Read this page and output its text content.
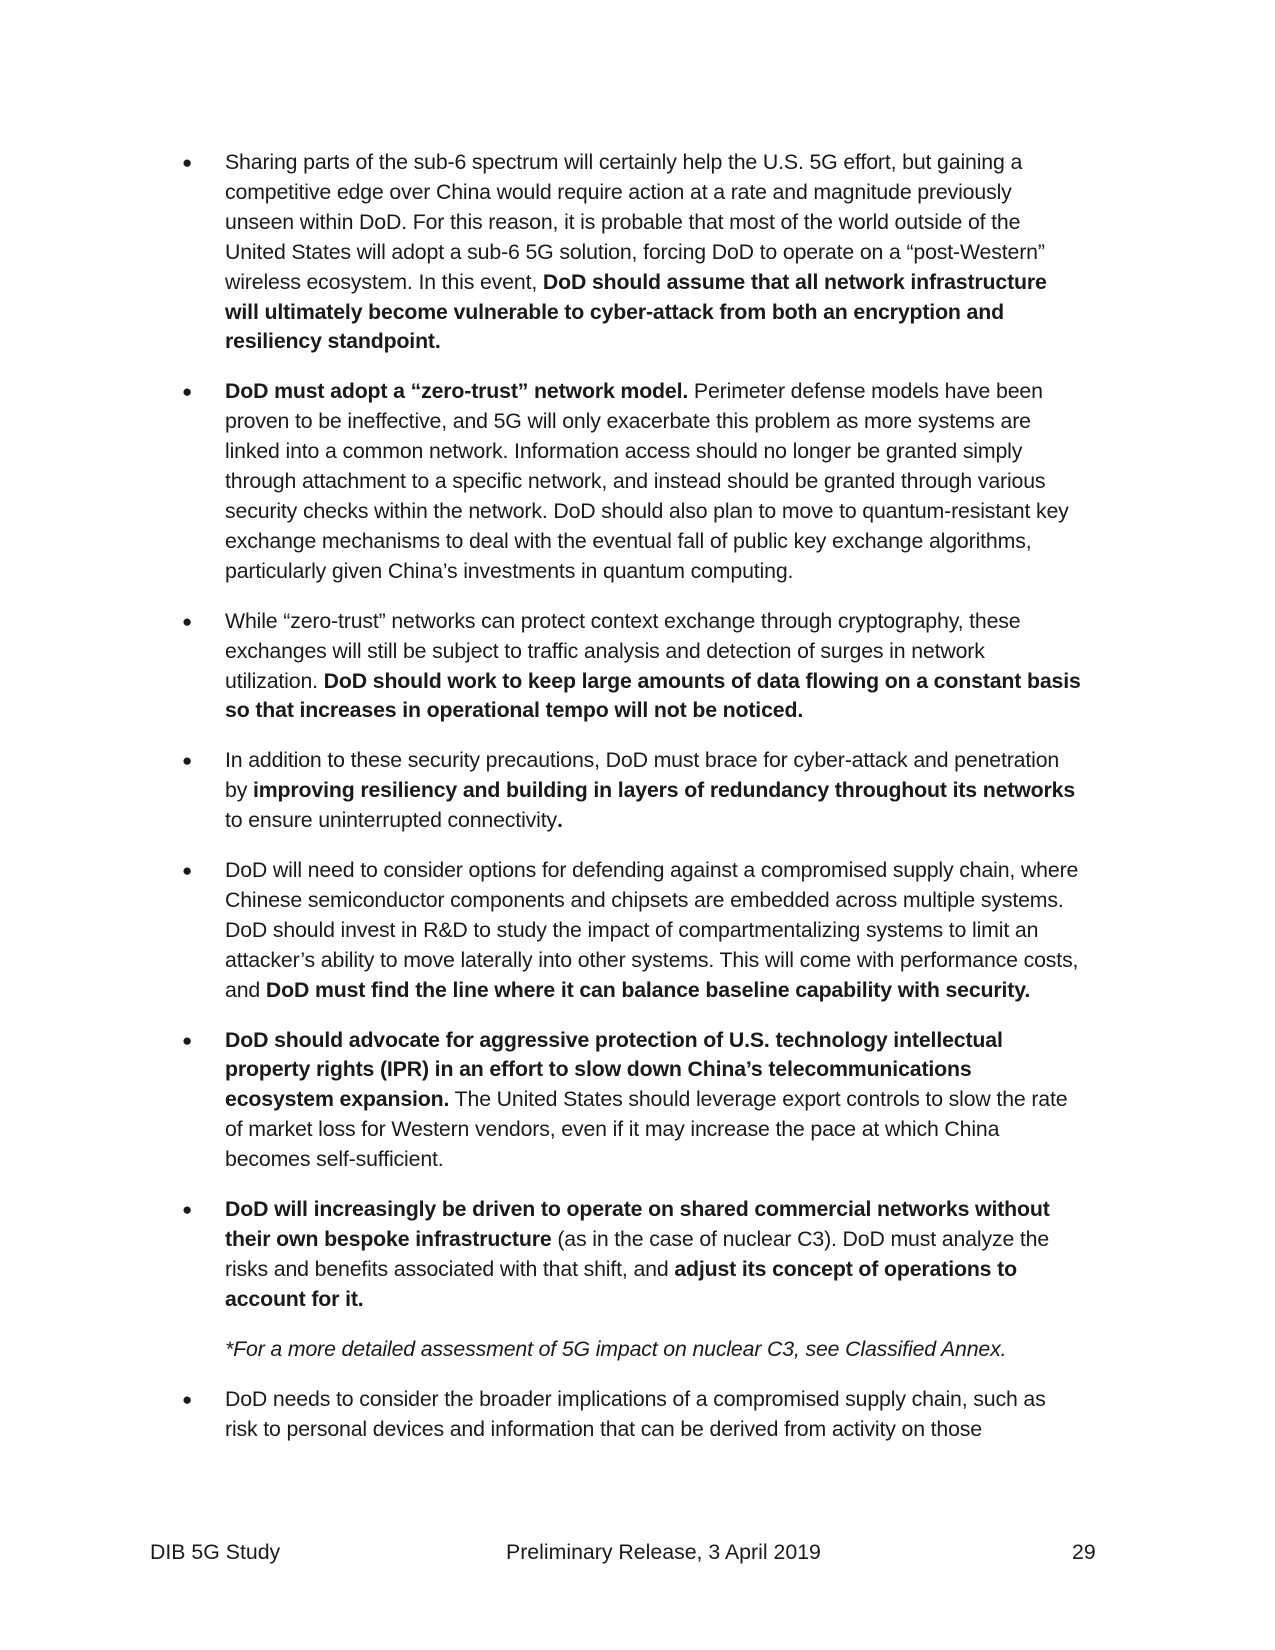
● Sharing parts of the sub-6 spectrum will certainly help the U.S. 5G effort, but gaining a competitive edge over China would require action at a rate and magnitude previously unseen within DoD. For this reason, it is probable that most of the world outside of the United States will adopt a sub-6 5G solution, forcing DoD to operate on a “post-Western” wireless ecosystem. In this event, DoD should assume that all network infrastructure will ultimately become vulnerable to cyber-attack from both an encryption and resiliency standpoint.
● DoD must adopt a “zero-trust” network model. Perimeter defense models have been proven to be ineffective, and 5G will only exacerbate this problem as more systems are linked into a common network. Information access should no longer be granted simply through attachment to a specific network, and instead should be granted through various security checks within the network. DoD should also plan to move to quantum-resistant key exchange mechanisms to deal with the eventual fall of public key exchange algorithms, particularly given China’s investments in quantum computing.
● While “zero-trust” networks can protect context exchange through cryptography, these exchanges will still be subject to traffic analysis and detection of surges in network utilization. DoD should work to keep large amounts of data flowing on a constant basis so that increases in operational tempo will not be noticed.
● In addition to these security precautions, DoD must brace for cyber-attack and penetration by improving resiliency and building in layers of redundancy throughout its networks to ensure uninterrupted connectivity.
● DoD will need to consider options for defending against a compromised supply chain, where Chinese semiconductor components and chipsets are embedded across multiple systems. DoD should invest in R&D to study the impact of compartmentalizing systems to limit an attacker’s ability to move laterally into other systems. This will come with performance costs, and DoD must find the line where it can balance baseline capability with security.
● DoD should advocate for aggressive protection of U.S. technology intellectual property rights (IPR) in an effort to slow down China’s telecommunications ecosystem expansion. The United States should leverage export controls to slow the rate of market loss for Western vendors, even if it may increase the pace at which China becomes self-sufficient.
● DoD will increasingly be driven to operate on shared commercial networks without their own bespoke infrastructure (as in the case of nuclear C3). DoD must analyze the risks and benefits associated with that shift, and adjust its concept of operations to account for it.
*For a more detailed assessment of 5G impact on nuclear C3, see Classified Annex.
● DoD needs to consider the broader implications of a compromised supply chain, such as risk to personal devices and information that can be derived from activity on those
DIB 5G Study	Preliminary Release, 3 April 2019	29
